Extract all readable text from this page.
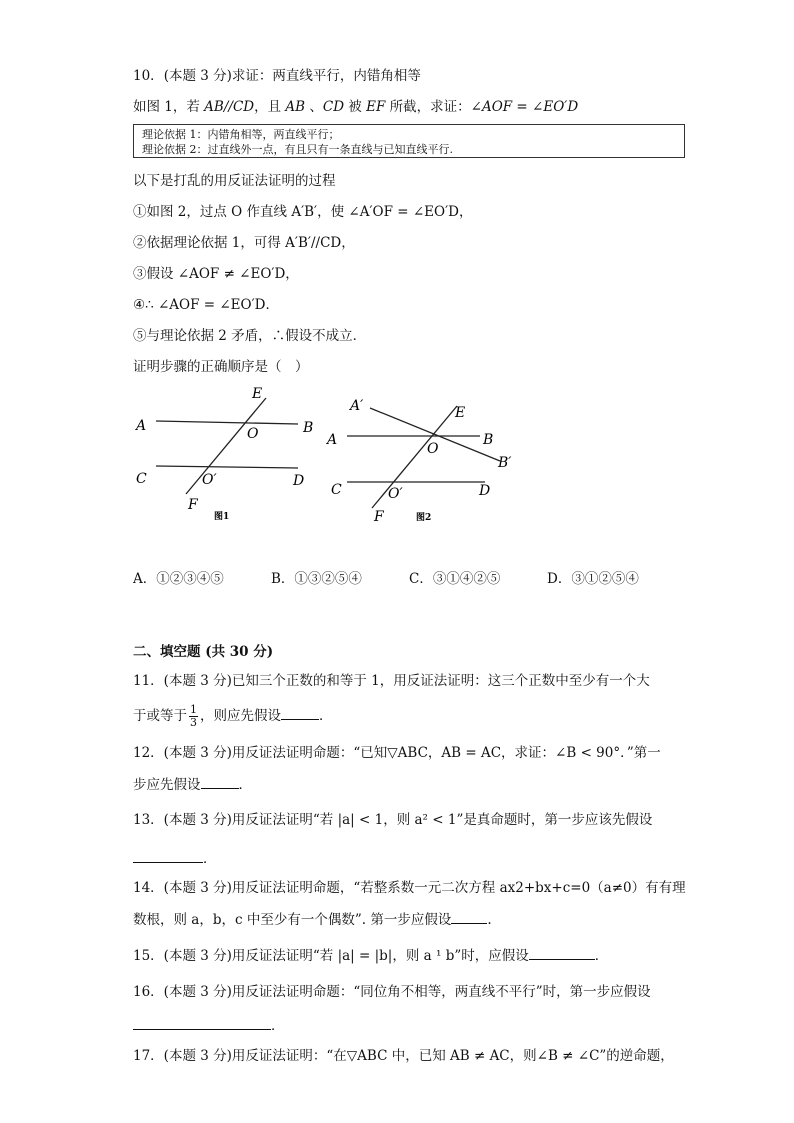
10．(本题 3 分)求证：两直线平行，内错角相等
如图 1，若 AB//CD，且 AB 、CD 被 EF 所截，求证：∠AOF = ∠EO′D
理论依据 1：内错角相等，两直线平行；
理论依据 2：过直线外一点，有且只有一条直线与已知直线平行.
以下是打乱的用反证法证明的过程
①如图 2，过点 O 作直线 A′B′，使 ∠A′OF = ∠EO′D，
②依据理论依据 1，可得 A′B′//CD，
③假设 ∠AOF ≠ ∠EO′D，
④∴ ∠AOF = ∠EO′D．
⑤与理论依据 2 矛盾，∴假设不成立．
证明步骤的正确顺序是（　）
A	B
C	D
E
F
O
O′
图1
A′	E
A	B
O
B′
C	D
O′
F	图2
A．①②③④⑤	B．①③②⑤④	C．③①④②⑤	D．③①②⑤④
二、填空题 (共 30 分)
11．(本题 3 分)已知三个正数的和等于 1，用反证法证明：这三个正数中至少有一个大
于或等于 $\frac{1}{3}$ ，则应先假设	．
12．(本题 3 分)用反证法证明命题：“已知▽ABC，AB = AC，求证：∠B < 90°．”第一
步应先假设	．
13．(本题 3 分)用反证法证明“若 |a| < 1，则 a² < 1”是真命题时，第一步应该先假设
．
14．(本题 3 分)用反证法证明命题，“若整系数一元二次方程 ax2+bx+c=0（a≠0）有有理
数根，则 a，b，c 中至少有一个偶数”. 第一步应假设	.
15．(本题 3 分)用反证法证明“若 |a| = |b|，则 a ¹ b”时，应假设	．
16．(本题 3 分)用反证法证明命题：“同位角不相等，两直线不平行”时，第一步应假设
．
17．(本题 3 分)用反证法证明：“在▽ABC 中，已知 AB ≠ AC，则∠B ≠ ∠C”的逆命题，
